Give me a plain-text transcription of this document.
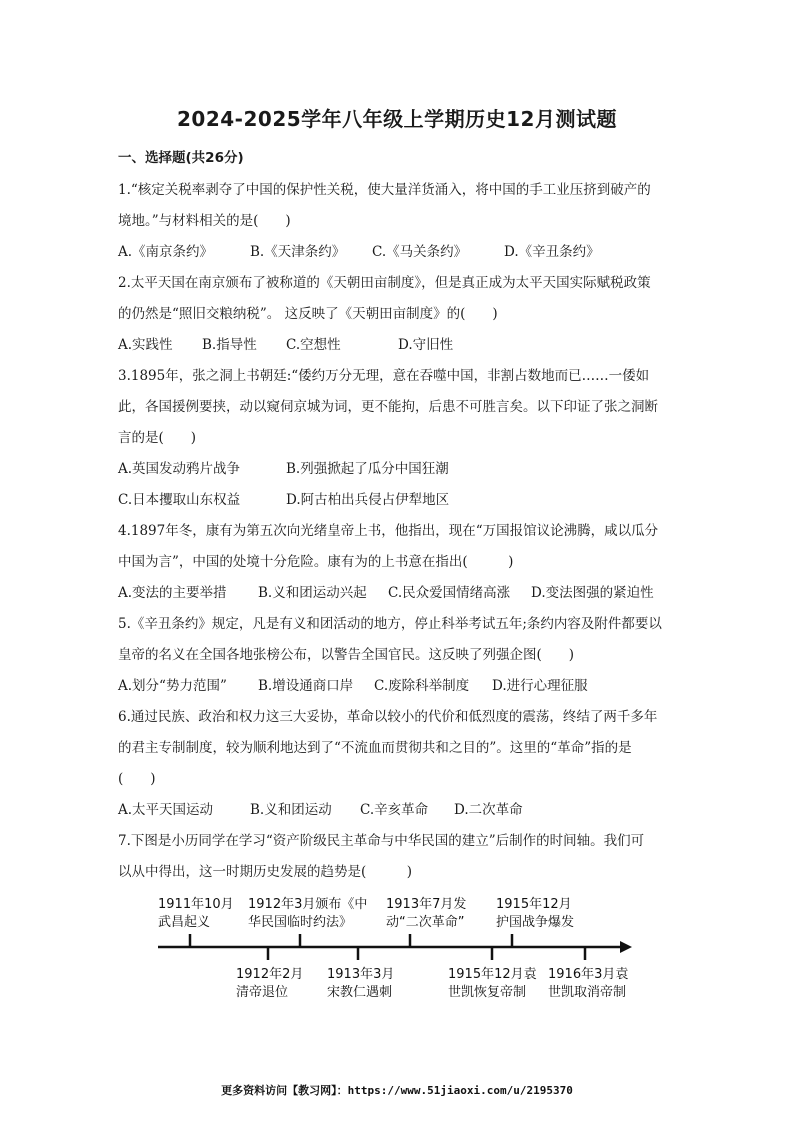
2024-2025学年八年级上学期历史12月测试题
一、选择题(共26分)
1.“核定关税率剥夺了中国的保护性关税，使大量洋货涌入，将中国的手工业压挤到破产的
境地。”与材料相关的是(　　)
A.《南京条约》	B.《天津条约》 C.《马关条约》	D.《辛丑条约》
2.太平天国在南京颁布了被称道的《天朝田亩制度》，但是真正成为太平天国实际赋税政策
的仍然是“照旧交粮纳税”。 这反映了《天朝田亩制度》的(　　)
A.实践性 B.指导性 C.空想性	D.守旧性
3.1895年，张之洞上书朝廷:“倭约万分无理，意在吞噬中国，非割占数地而已……一倭如
此，各国援例要挟，动以窥伺京城为词，更不能拘，后患不可胜言矣。以下印证了张之洞断
言的是(　　)
A.英国发动鸦片战争	B.列强掀起了瓜分中国狂潮
C.日本攫取山东权益	D.阿古柏出兵侵占伊犁地区
4.1897年冬，康有为第五次向光绪皇帝上书，他指出，现在“万国报馆议论沸腾，咸以瓜分
中国为言”，中国的处境十分危险。康有为的上书意在指出(　　　)
A.变法的主要举措 B.义和团运动兴起 C.民众爱国情绪高涨 D.变法图强的紧迫性
5.《辛丑条约》规定，凡是有义和团活动的地方，停止科举考试五年;条约内容及附件都要以
皇帝的名义在全国各地张榜公布，以警告全国官民。这反映了列强企图(　　)
A.划分“势力范围” B.增设通商口岸 C.废除科举制度 D.进行心理征服
6.通过民族、政治和权力这三大妥协，革命以较小的代价和低烈度的震荡，终结了两千多年
的君主专制制度，较为顺利地达到了“不流血而贯彻共和之目的”。这里的“革命”指的是
(　　)
A.太平天国运动	B.义和团运动 C.辛亥革命 D.二次革命
7.下图是小历同学在学习“资产阶级民主革命与中华民国的建立”后制作的时间轴。我们可
以从中得出，这一时期历史发展的趋势是(　　　)
1911年10月
武昌起义
1912年3月颁布《中
华民国临时约法》
1913年7月发
动“二次革命”
1915年12月
护国战争爆发
1912年2月
清帝退位
1913年3月
宋教仁遇刺
1915年12月袁
世凯恢复帝制
1916年3月袁
世凯取消帝制
更多资料访问【教习网】：https://www.51jiaoxi.com/u/2195370
